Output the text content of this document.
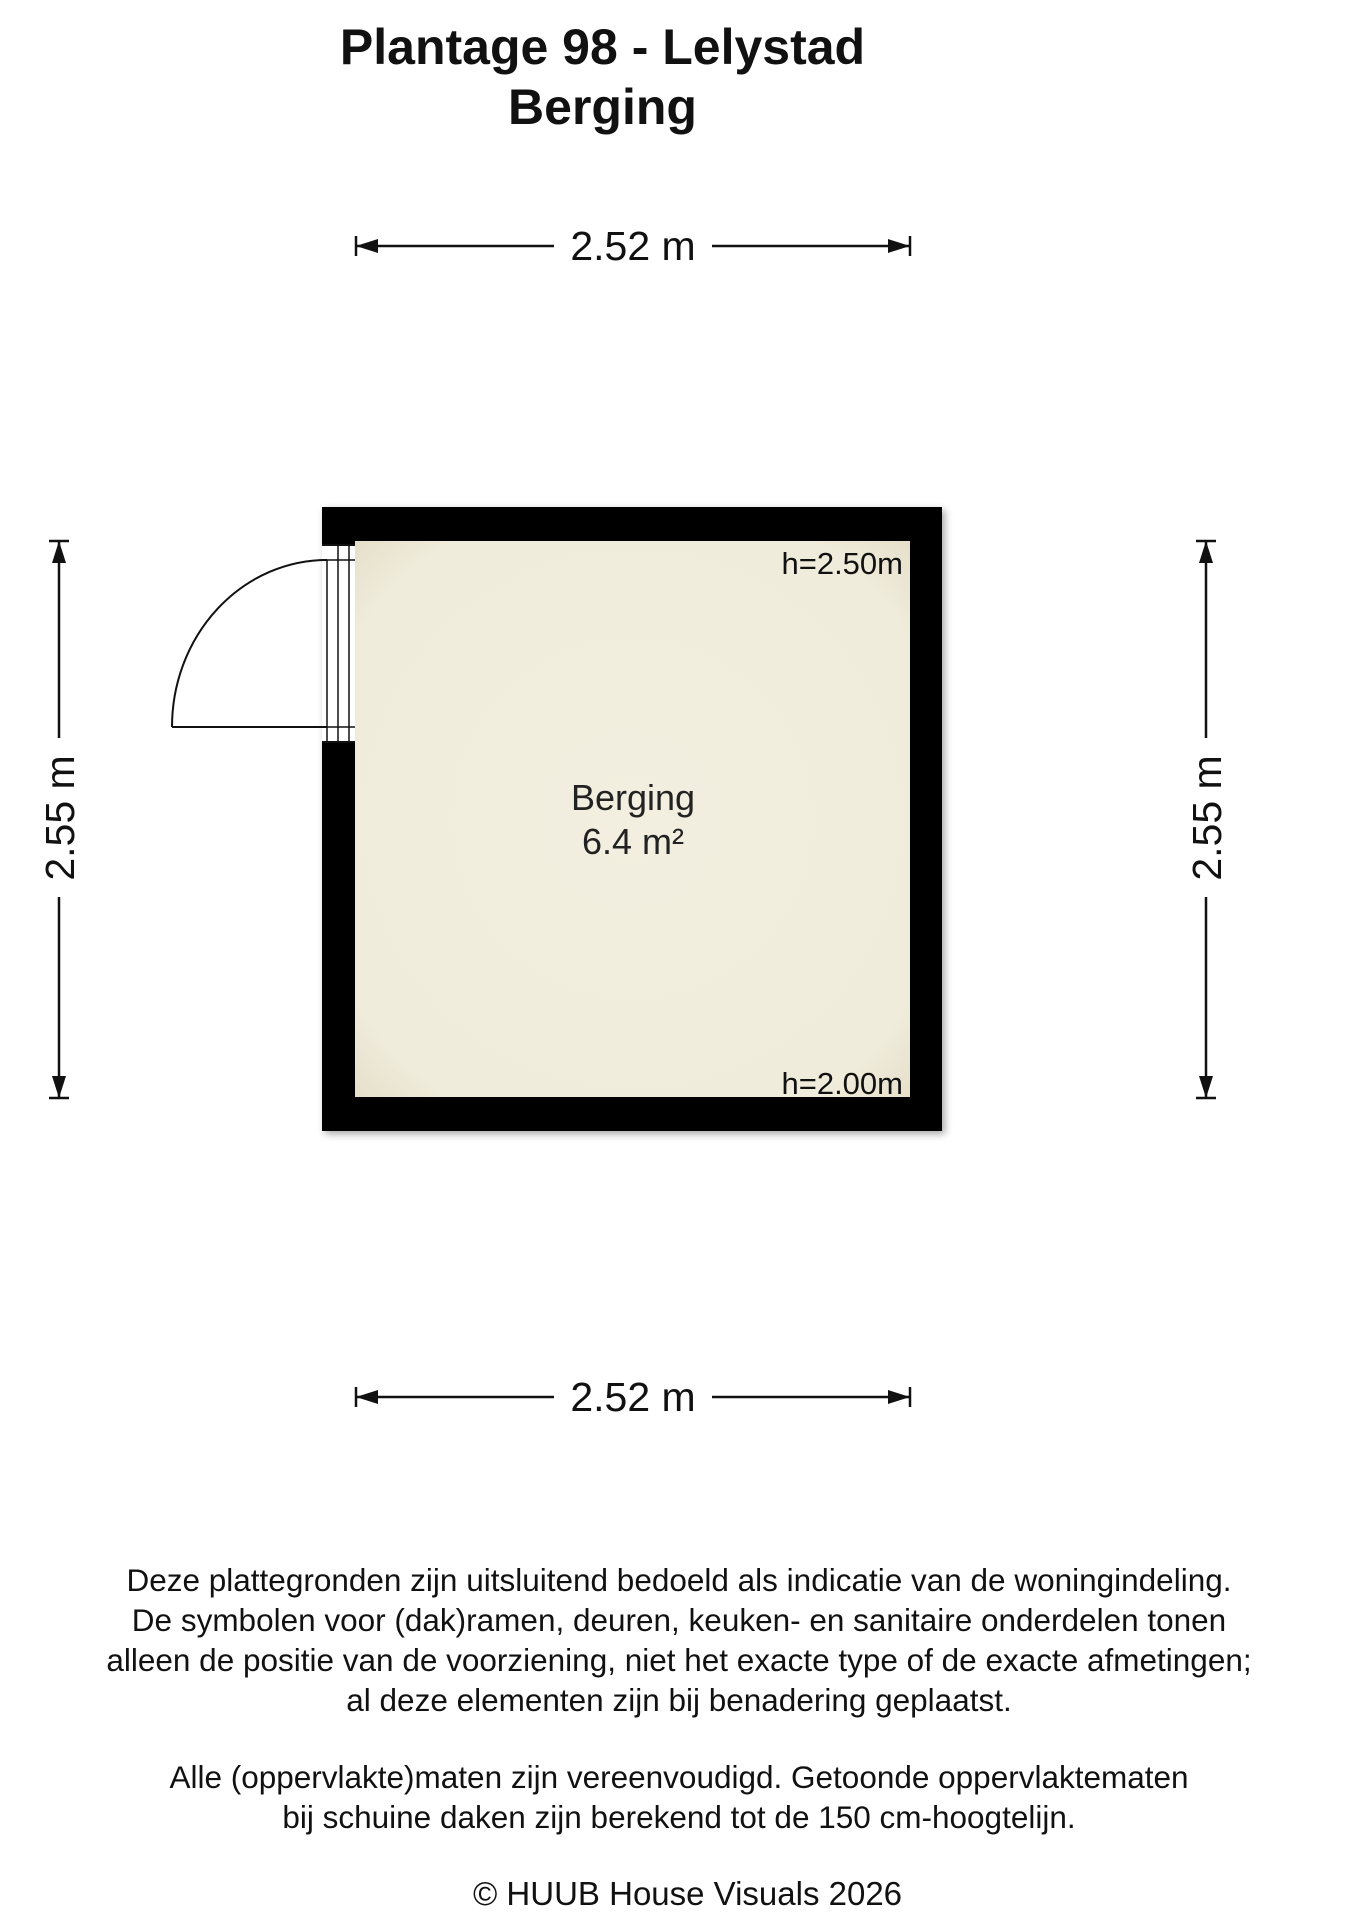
Plantage 98 - Lelystad
Berging
2.52 m
2.52 m
2.55 m	2.55 m
Berging
6.4 m²
h=2.50m
h=2.00m
Deze plattegronden zijn uitsluitend bedoeld als indicatie van de woningindeling.
De symbolen voor (dak)ramen, deuren, keuken- en sanitaire onderdelen tonen
alleen de positie van de voorziening, niet het exacte type of de exacte afmetingen;
al deze elementen zijn bij benadering geplaatst.
Alle (oppervlakte)maten zijn vereenvoudigd. Getoonde oppervlaktematen
bij schuine daken zijn berekend tot de 150 cm-hoogtelijn.
© HUUB House Visuals 2026
